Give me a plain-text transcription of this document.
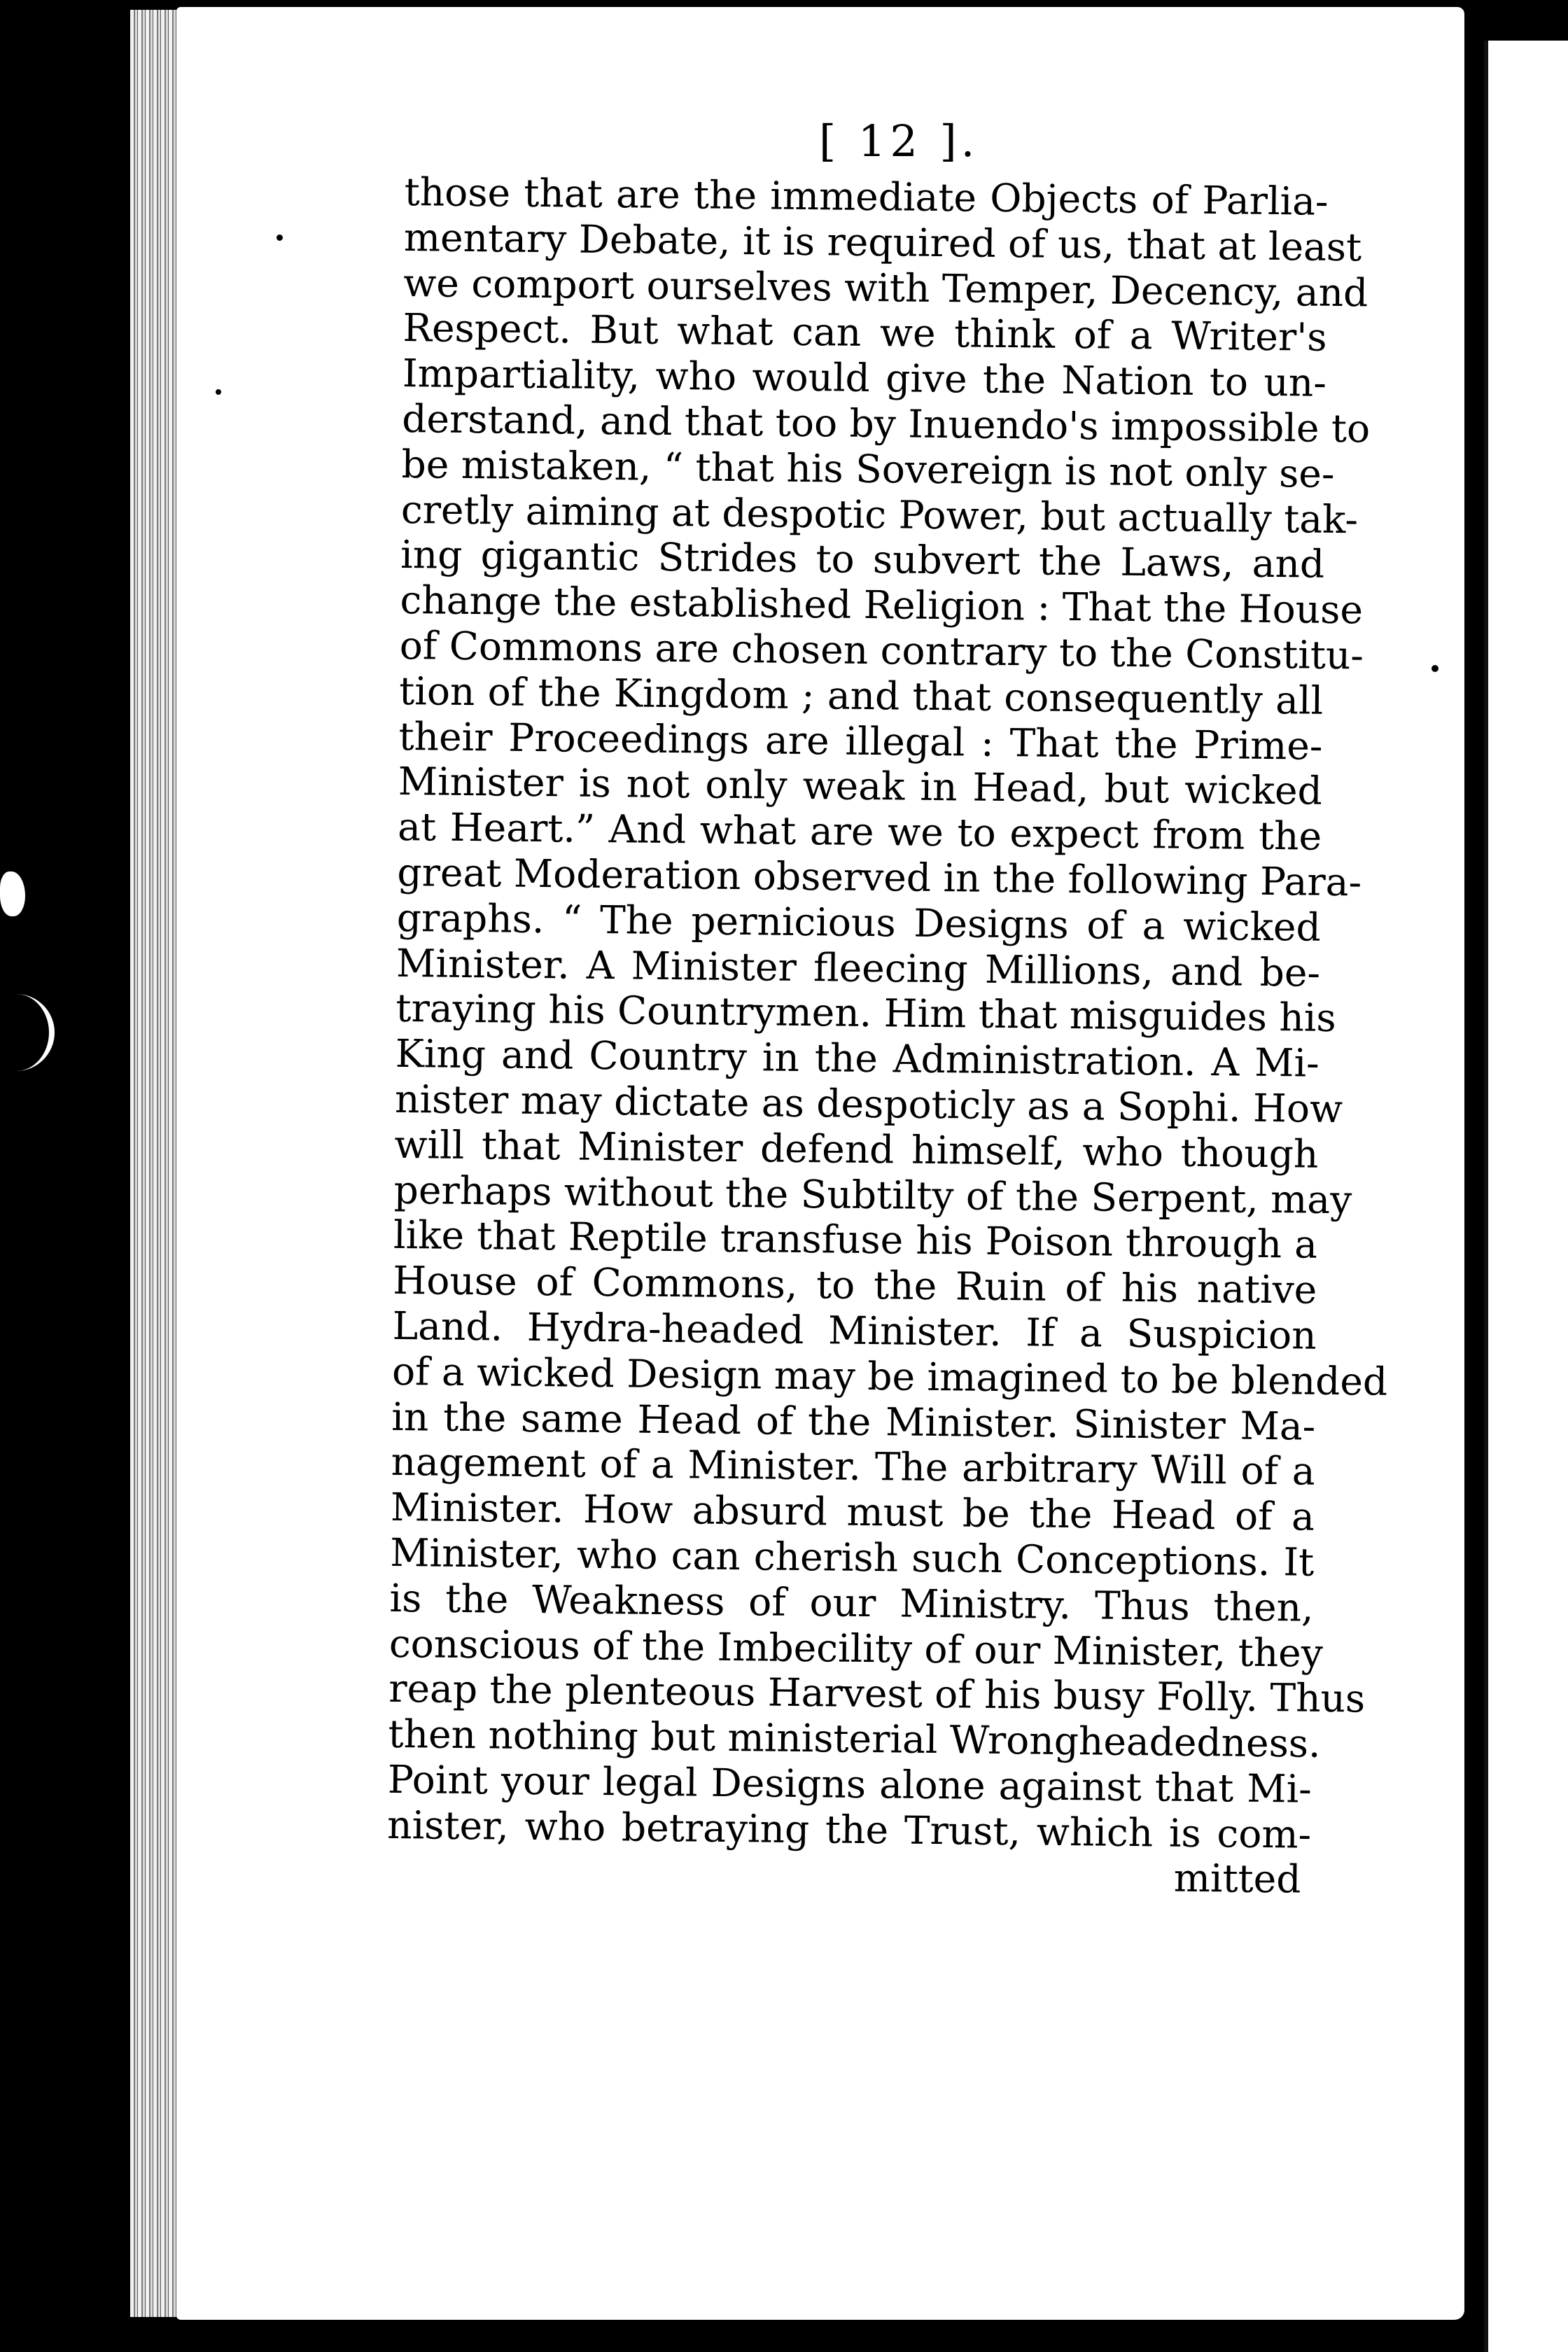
[ 12 ].
those that are the immediate Objects of Parlia-
mentary Debate, it is required of us, that at least
we comport ourselves with Temper, Decency, and
Respect. But what can we think of a Writer's
Impartiality, who would give the Nation to un-
derstand, and that too by Inuendo's impossible to
be mistaken, “ that his Sovereign is not only se-
cretly aiming at despotic Power, but actually tak-
ing gigantic Strides to subvert the Laws, and
change the established Religion : That the House
of Commons are chosen contrary to the Constitu-
tion of the Kingdom ; and that consequently all
their Proceedings are illegal : That the Prime-
Minister is not only weak in Head, but wicked
at Heart.” And what are we to expect from the
great Moderation observed in the following Para-
graphs. “ The pernicious Designs of a wicked
Minister. A Minister fleecing Millions, and be-
traying his Countrymen. Him that misguides his
King and Country in the Administration. A Mi-
nister may dictate as despoticly as a Sophi. How
will that Minister defend himself, who though
perhaps without the Subtilty of the Serpent, may
like that Reptile transfuse his Poison through a
House of Commons, to the Ruin of his native
Land. Hydra-headed Minister. If a Suspicion
of a wicked Design may be imagined to be blended
in the same Head of the Minister. Sinister Ma-
nagement of a Minister. The arbitrary Will of a
Minister. How absurd must be the Head of a
Minister, who can cherish such Conceptions. It
is the Weakness of our Ministry. Thus then,
conscious of the Imbecility of our Minister, they
reap the plenteous Harvest of his busy Folly. Thus
then nothing but ministerial Wrongheadedness.
Point your legal Designs alone against that Mi-
nister, who betraying the Trust, which is com-
mitted
